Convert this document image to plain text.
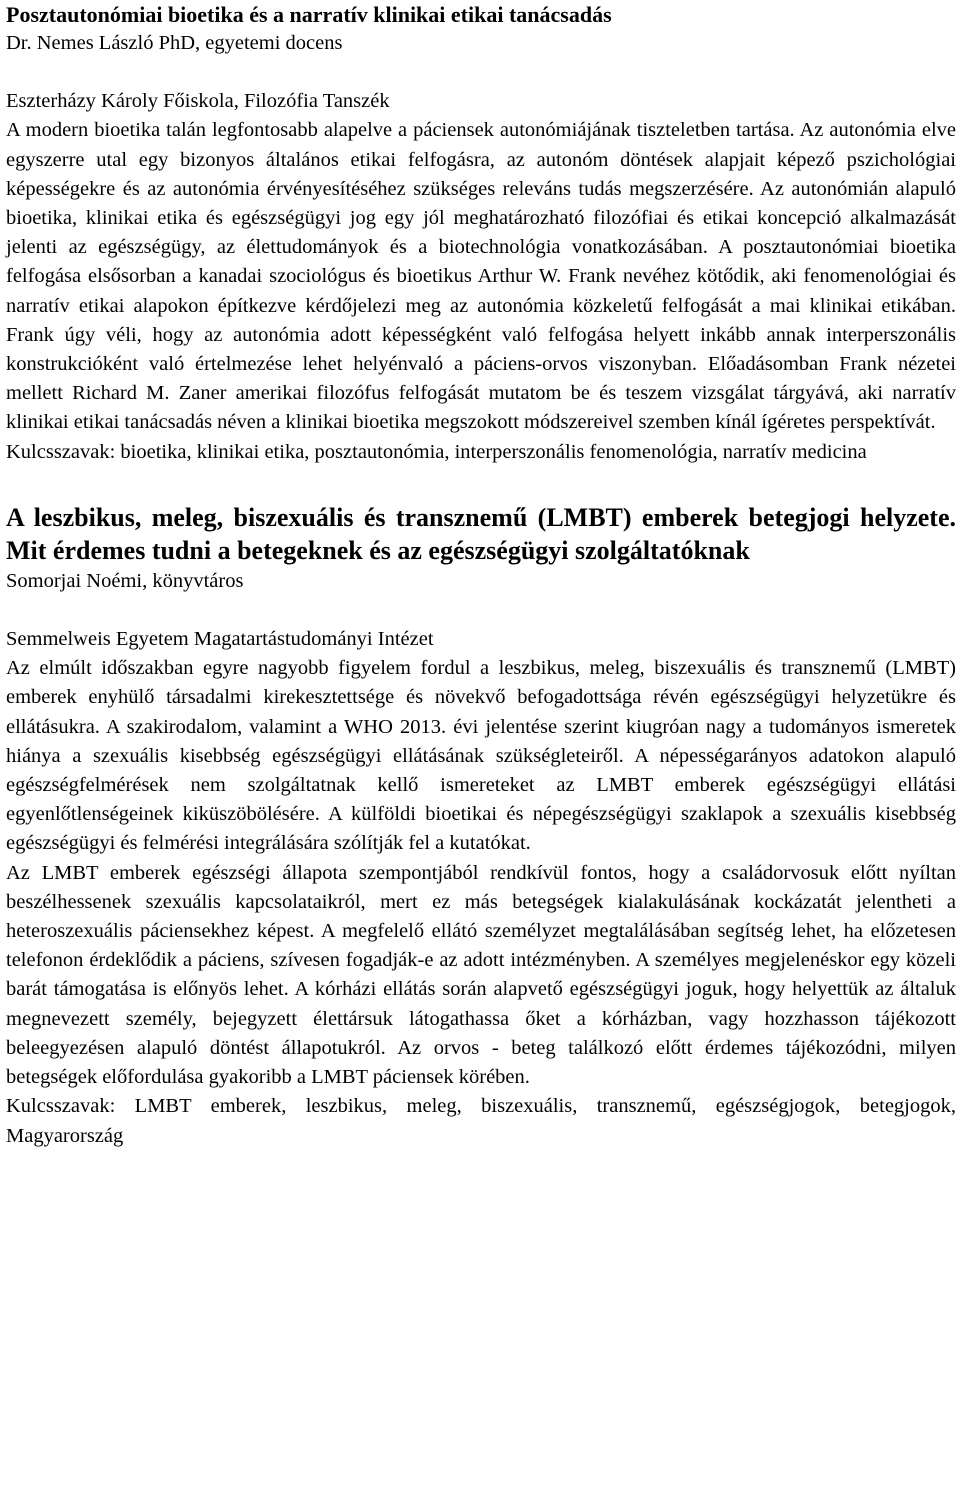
Posztautonómiai bioetika és a narratív klinikai etikai tanácsadás

Dr. Nemes László PhD, egyetemi docens

Eszterházy Károly Főiskola, Filozófia Tanszék

A modern bioetika talán legfontosabb alapelve a páciensek autonómiájának tiszteletben tartása. Az autonómia elve egyszerre utal egy bizonyos általános etikai felfogásra, az autonóm döntések alapjait képező pszichológiai képességekre és az autonómia érvényesítéséhez szükséges releváns tudás megszerzésére. Az autonómián alapuló bioetika, klinikai etika és egészségügyi jog egy jól meghatározható filozófiai és etikai koncepció alkalmazását jelenti az egészségügy, az élettudományok és a biotechnológia vonatkozásában. A posztautonómiai bioetika felfogása elsősorban a kanadai szociológus és bioetikus Arthur W. Frank nevéhez kötődik, aki fenomenológiai és narratív etikai alapokon építkezve kérdőjelezi meg az autonómia közkeletű felfogását a mai klinikai etikában. Frank úgy véli, hogy az autonómia adott képességként való felfogása helyett inkább annak interperszonális konstrukcióként való értelmezése lehet helyénvaló a páciens-orvos viszonyban. Előadásomban Frank nézetei mellett Richard M. Zaner amerikai filozófus felfogását mutatom be és teszem vizsgálat tárgyává, aki narratív klinikai etikai tanácsadás néven a klinikai bioetika megszokott módszereivel szemben kínál ígéretes perspektívát.

Kulcsszavak: bioetika, klinikai etika, posztautonómia, interperszonális fenomenológia, narratív medicina

A leszbikus, meleg, biszexuális és transznemű (LMBT) emberek betegjogi helyzete. Mit érdemes tudni a betegeknek és az egészségügyi szolgáltatóknak

Somorjai Noémi, könyvtáros

Semmelweis Egyetem Magatartástudományi Intézet

Az elmúlt időszakban egyre nagyobb figyelem fordul a leszbikus, meleg, biszexuális és transznemű (LMBT) emberek enyhülő társadalmi kirekesztettsége és növekvő befogadottsága révén egészségügyi helyzetükre és ellátásukra. A szakirodalom, valamint a WHO 2013. évi jelentése szerint kiugróan nagy a tudományos ismeretek hiánya a szexuális kisebbség egészségügyi ellátásának szükségleteiről. A népességarányos adatokon alapuló egészségfelmérések nem szolgáltatnak kellő ismereteket az LMBT emberek egészségügyi ellátási egyenlőtlenségeinek kiküszöbölésére. A külföldi bioetikai és népegészségügyi szaklapok a szexuális kisebbség egészségügyi és felmérési integrálására szólítják fel a kutatókat.

Az LMBT emberek egészségi állapota szempontjából rendkívül fontos, hogy a családorvosuk előtt nyíltan beszélhessenek szexuális kapcsolataikról, mert ez más betegségek kialakulásának kockázatát jelentheti a heteroszexuális páciensekhez képest. A megfelelő ellátó személyzet megtalálásában segítség lehet, ha előzetesen telefonon érdeklődik a páciens, szívesen fogadják-e az adott intézményben. A személyes megjelenéskor egy közeli barát támogatása is előnyös lehet. A kórházi ellátás során alapvető egészségügyi joguk, hogy helyettük az általuk megnevezett személy, bejegyzett élettársuk látogathassa őket a kórházban, vagy hozzhasson tájékozott beleegyezésen alapuló döntést állapotukról. Az orvos - beteg találkozó előtt érdemes tájékozódni, milyen betegségek előfordulása gyakoribb a LMBT páciensek körében.

Kulcsszavak: LMBT emberek, leszbikus, meleg, biszexuális, transznemű, egészségjogok, betegjogok, Magyarország
